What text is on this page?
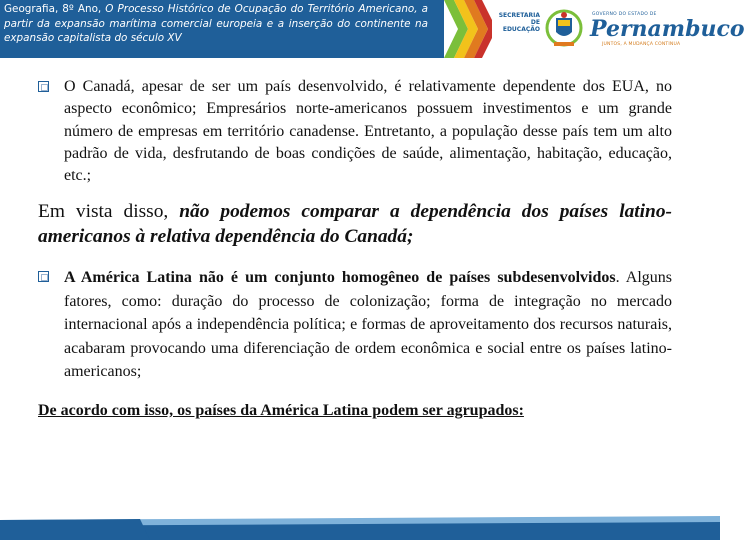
Geografia, 8º Ano, O Processo Histórico de Ocupação do Território Americano, a partir da expansão marítima comercial europeia e a inserção do continente na expansão capitalista do século XV
SECRETARIA
DE EDUCAÇÃO
GOVERNO DO ESTADO DE
Pernambuco
JUNTOS, A MUDANÇA CONTINUA
O Canadá, apesar de ser um país desenvolvido, é relativamente dependente dos EUA, no aspecto econômico; Empresários norte-americanos possuem investimentos e um grande número de empresas em território canadense. Entretanto, a população desse país tem um alto padrão de vida, desfrutando de boas condições de saúde, alimentação, habitação, educação, etc.;
Em vista disso, não podemos comparar a dependência dos países latino-americanos à relativa dependência do Canadá;
A América Latina não é um conjunto homogêneo de países subdesenvolvidos. Alguns fatores, como: duração do processo de colonização; forma de integração no mercado internacional após a independência política; e formas de aproveitamento dos recursos naturais, acabaram provocando uma diferenciação de ordem econômica e social entre os países latino-americanos;
De acordo com isso, os países da América Latina podem ser agrupados:
